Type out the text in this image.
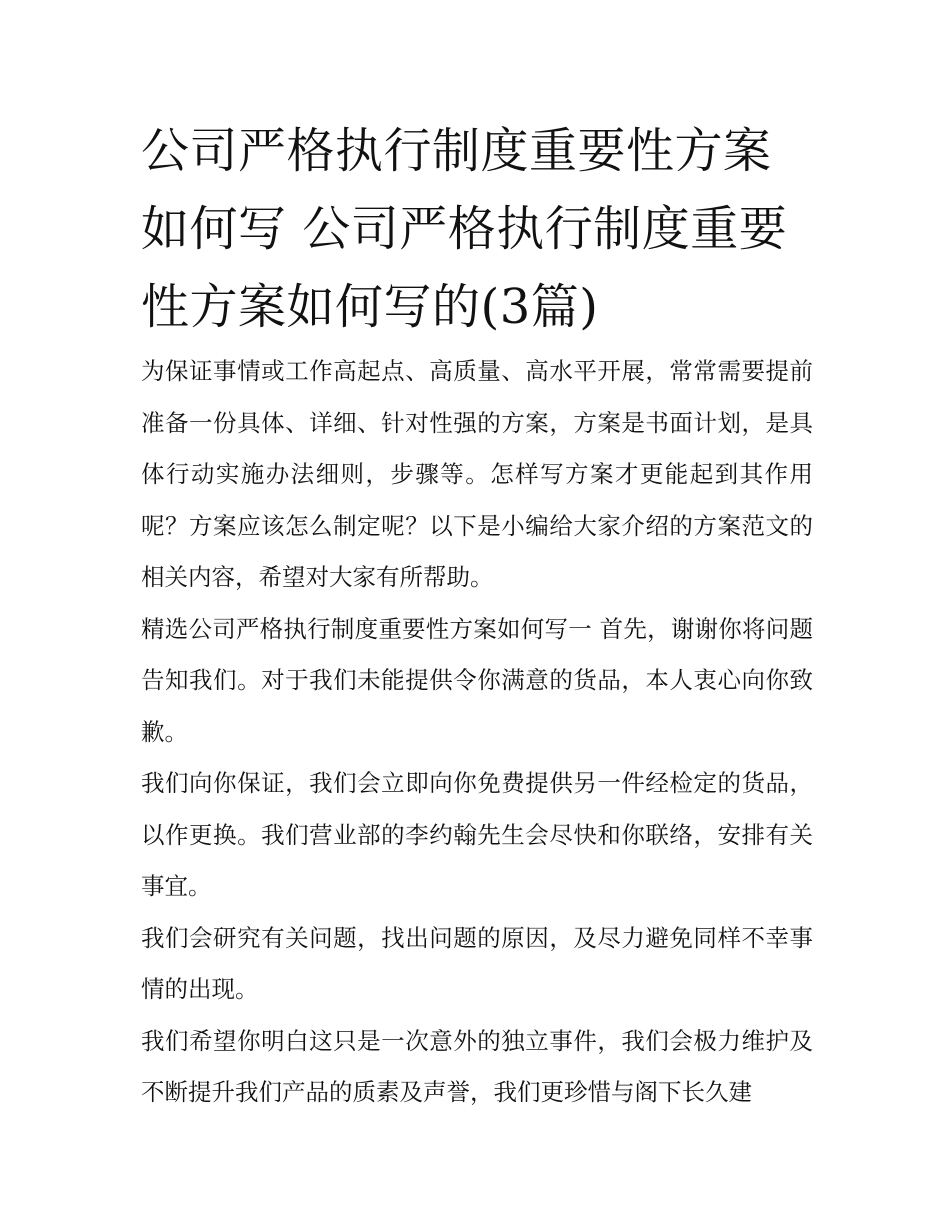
公司严格执行制度重要性方案如何写 公司严格执行制度重要性方案如何写的(3篇)

为保证事情或工作高起点、高质量、高水平开展，常常需要提前准备一份具体、详细、针对性强的方案，方案是书面计划，是具体行动实施办法细则，步骤等。怎样写方案才更能起到其作用呢？方案应该怎么制定呢？以下是小编给大家介绍的方案范文的相关内容，希望对大家有所帮助。

精选公司严格执行制度重要性方案如何写一 首先，谢谢你将问题告知我们。对于我们未能提供令你满意的货品，本人衷心向你致歉。

我们向你保证，我们会立即向你免费提供另一件经检定的货品，以作更换。我们营业部的李约翰先生会尽快和你联络，安排有关事宜。

我们会研究有关问题，找出问题的原因，及尽力避免同样不幸事情的出现。

我们希望你明白这只是一次意外的独立事件，我们会极力维护及不断提升我们产品的质素及声誉，我们更珍惜与阁下长久建
